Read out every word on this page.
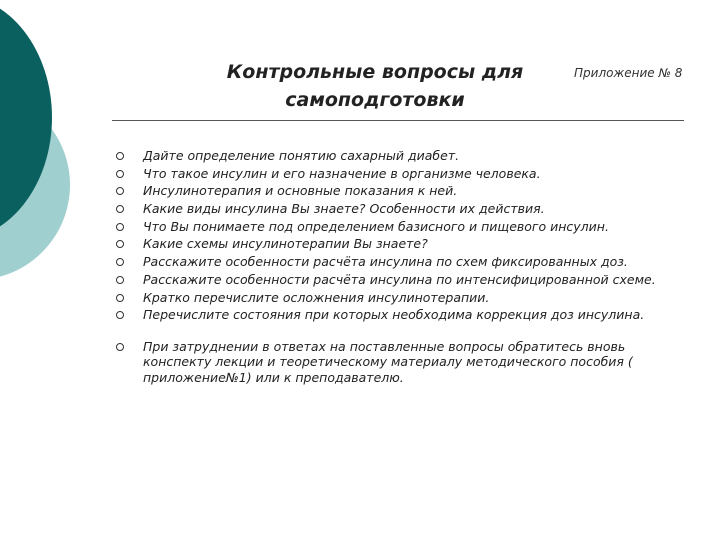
Контрольные вопросы для самоподготовки
Приложение № 8
Дайте определение понятию сахарный диабет.
Что такое инсулин и его назначение в организме человека.
Инсулинотерапия и основные показания к ней.
Какие виды инсулина Вы знаете? Особенности их действия.
Что Вы понимаете под определением базисного и пищевого инсулин.
Какие схемы инсулинотерапии Вы знаете?
Расскажите особенности расчёта инсулина по схем фиксированных доз.
Расскажите особенности расчёта инсулина по интенсифицированной схеме.
Кратко перечислите осложнения инсулинотерапии.
Перечислите состояния при которых необходима коррекция доз инсулина.
При затруднении в ответах на поставленные вопросы обратитесь вновь конспекту лекции и теоретическому материалу методического пособия ( приложение№1) или к преподавателю.
